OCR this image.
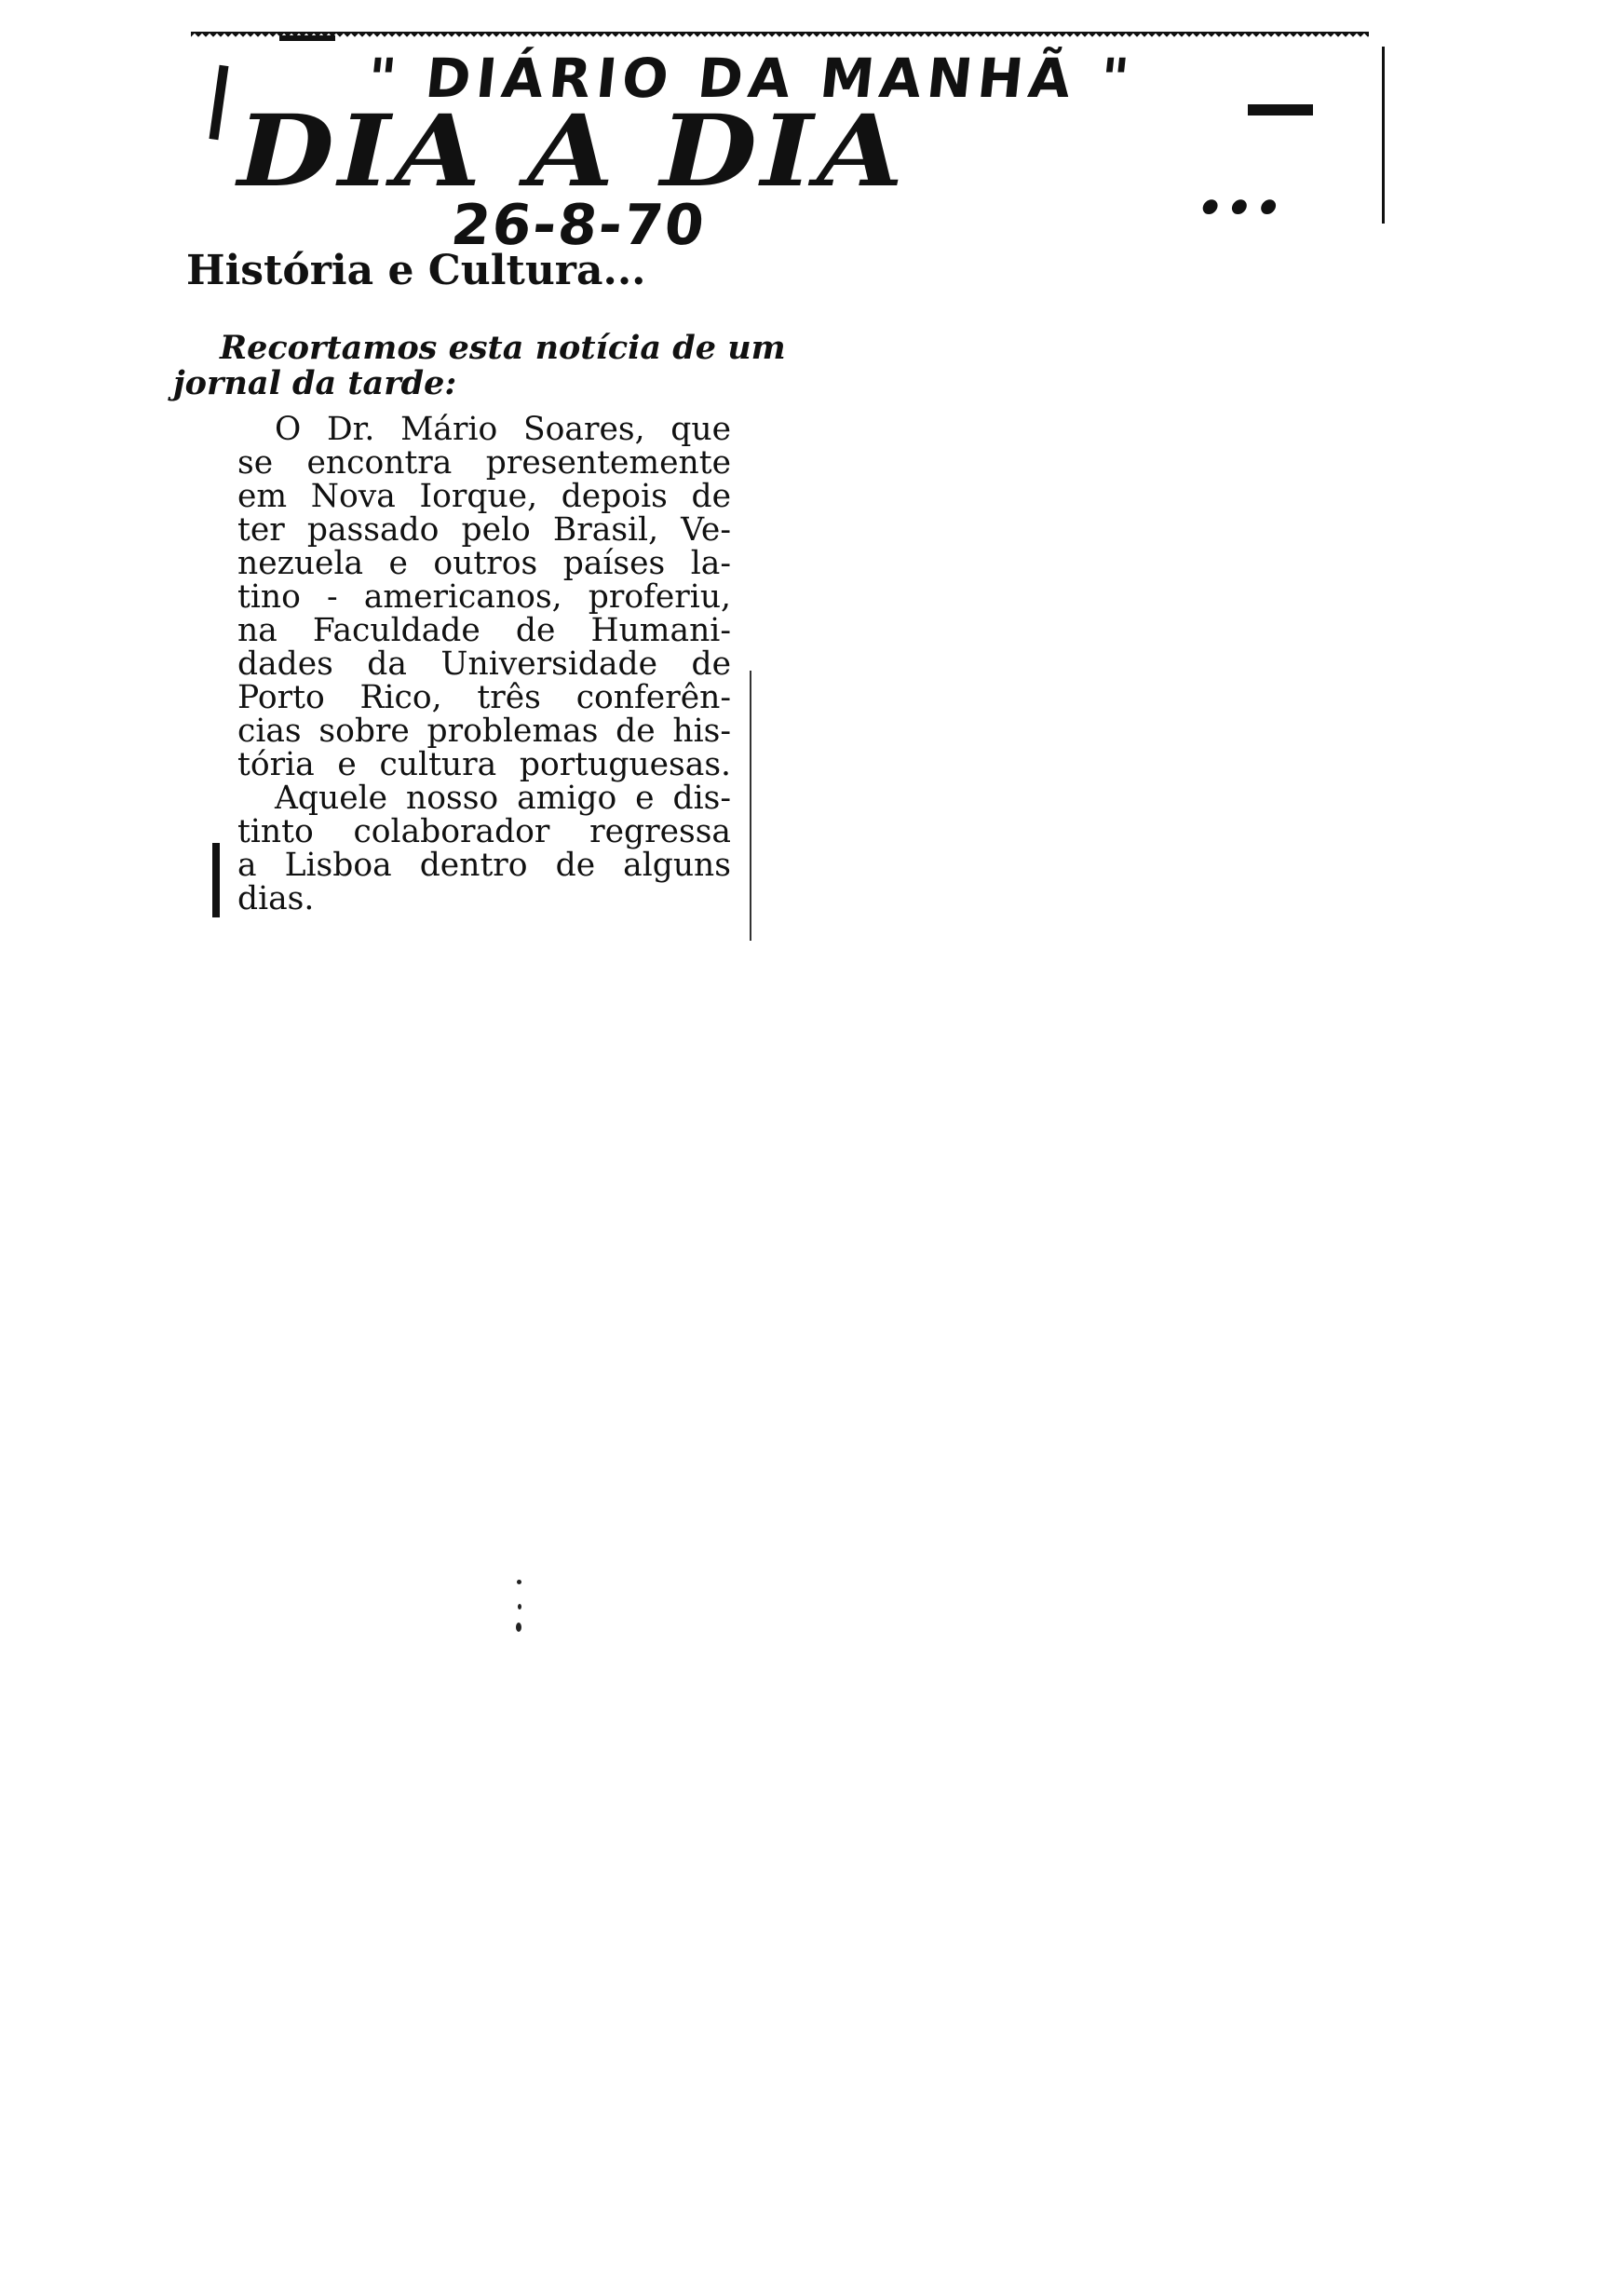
" DIÁRIO DA MANHÃ "
DIA A DIA	...
26-8-70
História e Cultura...
Recortamos esta notícia de um
jornal da tarde:
O Dr. Mário Soares, que
se encontra presentemente
em Nova Iorque, depois de
ter passado pelo Brasil, Ve-
nezuela e outros países la-
tino - americanos, proferiu,
na Faculdade de Humani-
dades da Universidade de
Porto Rico, três conferên-
cias sobre problemas de his-
tória e cultura portuguesas.
Aquele nosso amigo e dis-
tinto colaborador regressa
a Lisboa dentro de alguns
dias.
